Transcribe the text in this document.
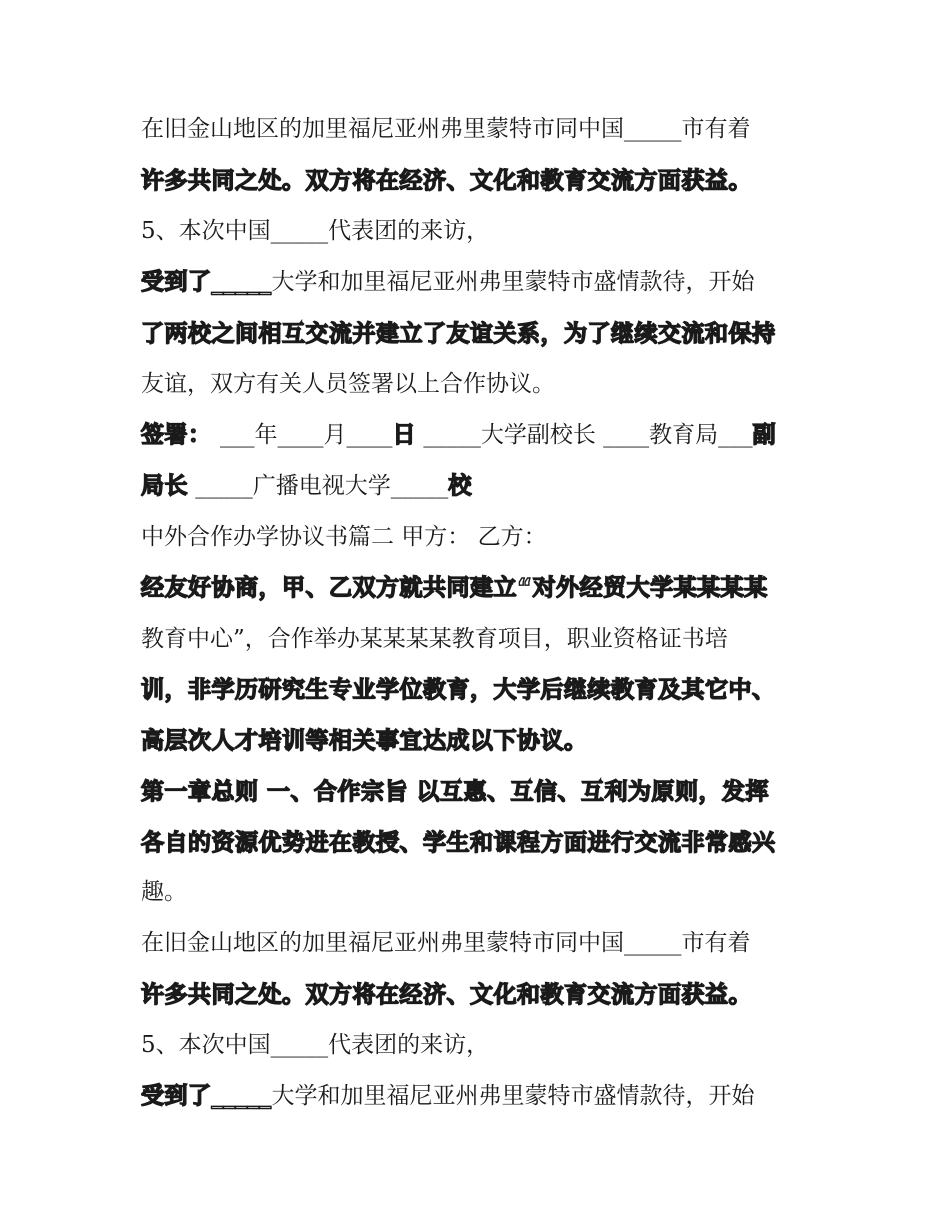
在旧金山地区的加里福尼亚州弗里蒙特市同中国_____市有着
许多共同之处。双方将在经济、文化和教育交流方面获益。
5、本次中国_____代表团的来访，
受到了_____大学和加里福尼亚州弗里蒙特市盛情款待，开始
了两校之间相互交流并建立了友谊关系，为了继续交流和保持
友谊，双方有关人员签署以上合作协议。
签署： ___年____月____日 _____大学副校长 ____教育局___副
局长 _____广播电视大学_____校
中外合作办学协议书篇二 甲方： 乙方：
经友好协商，甲、乙双方就共同建立“对外经贸大学某某某某
教育中心”，合作举办某某某某教育项目，职业资格证书培
训，非学历研究生专业学位教育，大学后继续教育及其它中、
高层次人才培训等相关事宜达成以下协议。
第一章总则 一、合作宗旨 以互惠、互信、互利为原则，发挥
各自的资源优势进在教授、学生和课程方面进行交流非常感兴
趣。
在旧金山地区的加里福尼亚州弗里蒙特市同中国_____市有着
许多共同之处。双方将在经济、文化和教育交流方面获益。
5、本次中国_____代表团的来访，
受到了_____大学和加里福尼亚州弗里蒙特市盛情款待，开始
